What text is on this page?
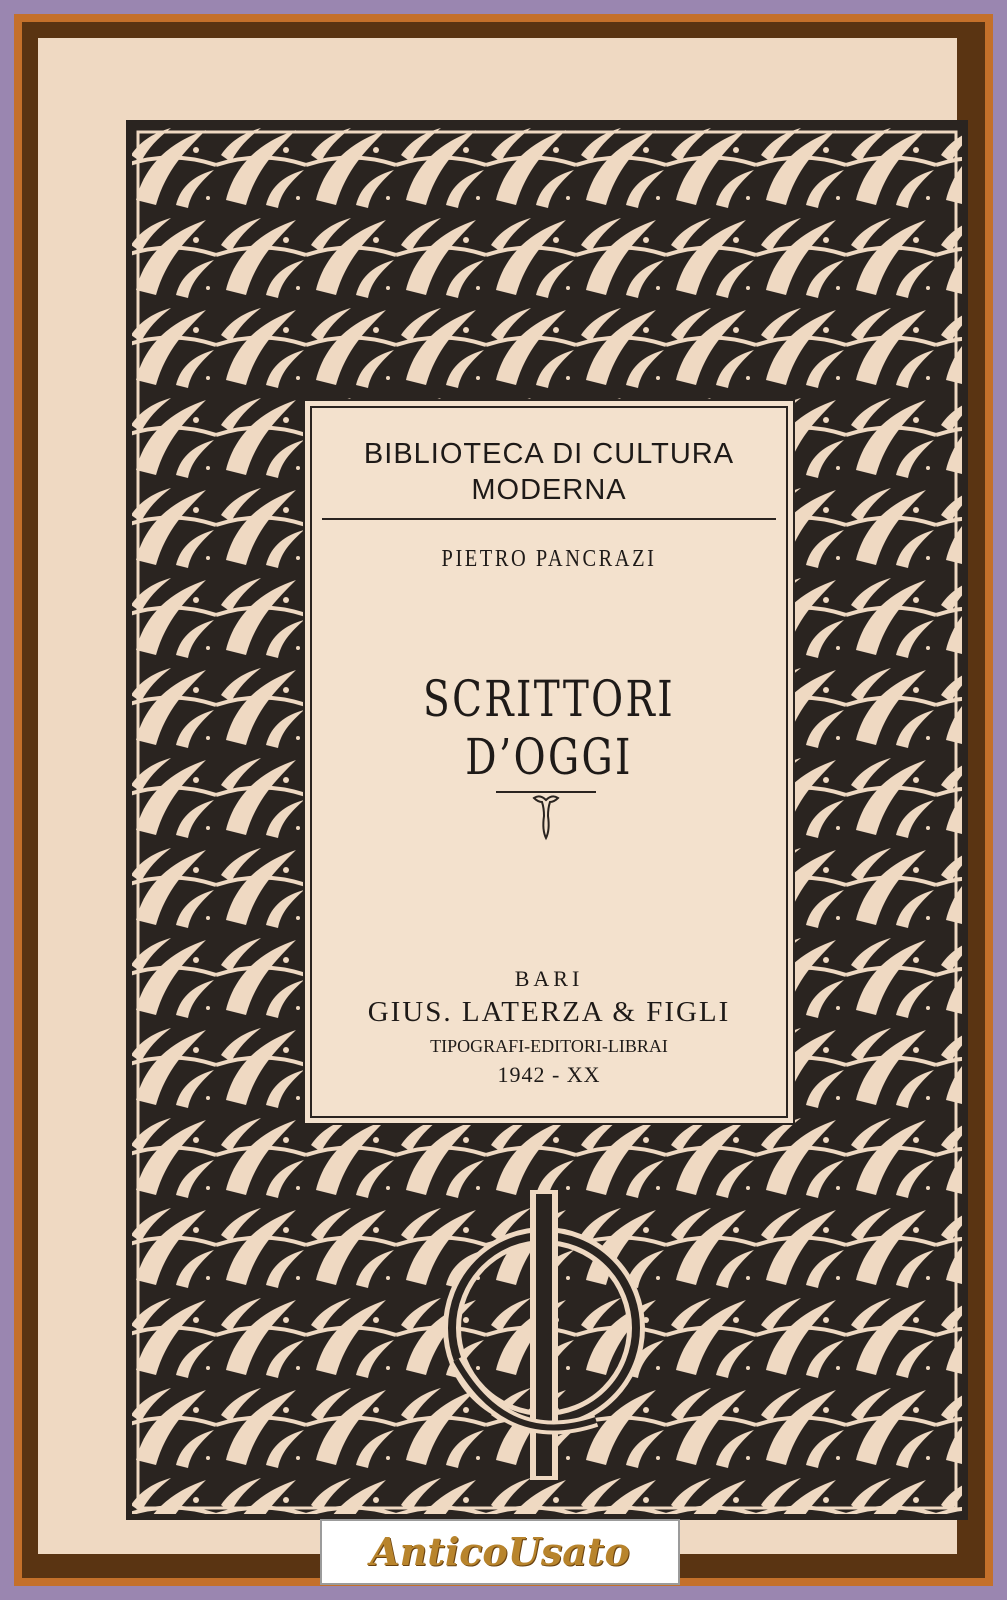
BIBLIOTECA DI CULTURA
MODERNA
PIETRO PANCRAZI
SCRITTORI D’OGGI
BARI
GIUS. LATERZA & FIGLI
TIPOGRAFI-EDITORI-LIBRAI
1942 - XX
AnticoUsato
